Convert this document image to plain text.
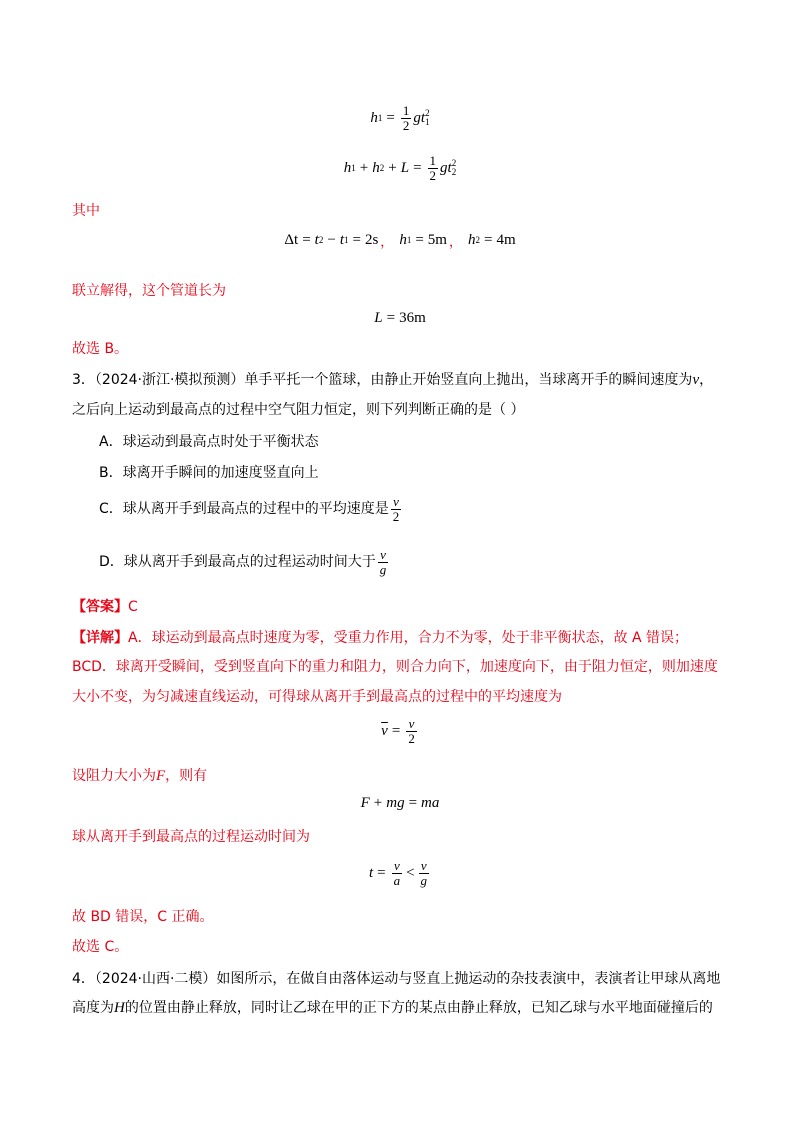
h $1 = \frac{1}{2}$ gt 2
1
h 1 + h $2 + L = \frac{1}{2}$ gt 2
2
其中
Δt = t 2 − t 1 = 2s ， h 1 = 5m ， h 2 = 4m
联立解得，这个管道长为
L = 36m
故选 B。
3．（2024·浙江·模拟预测）单手平托一个篮球，由静止开始竖直向上抛出，当球离开手的瞬间速度为v，
之后向上运动到最高点的过程中空气阻力恒定，则下列判断正确的是（ ）
A．球运动到最高点时处于平衡状态
B．球离开手瞬间的加速度竖直向上
C．球从离开手到最高点的过程中的平均速度是 $\frac{v}{2}$
D．球从离开手到最高点的过程运动时间大于 $\frac{v}{g}$
【答案】C
【详解】A．球运动到最高点时速度为零，受重力作用，合力不为零，处于非平衡状态，故 A 错误；
BCD．球离开受瞬间，受到竖直向下的重力和阻力，则合力向下，加速度向下，由于阻力恒定，则加速度
大小不变，为匀减速直线运动，可得球从离开手到最高点的过程中的平均速度为
$\overline{v} = \frac{v}{2}$
设阻力大小为F，则有
F + mg = ma
球从离开手到最高点的过程运动时间为
$t = \frac{v}{a} < \frac{v}{g}$
故 BD 错误，C 正确。
故选 C。
4．（2024·山西·二模）如图所示，在做自由落体运动与竖直上抛运动的杂技表演中，表演者让甲球从离地
高度为H的位置由静止释放，同时让乙球在甲的正下方的某点由静止释放，已知乙球与水平地面碰撞后的
